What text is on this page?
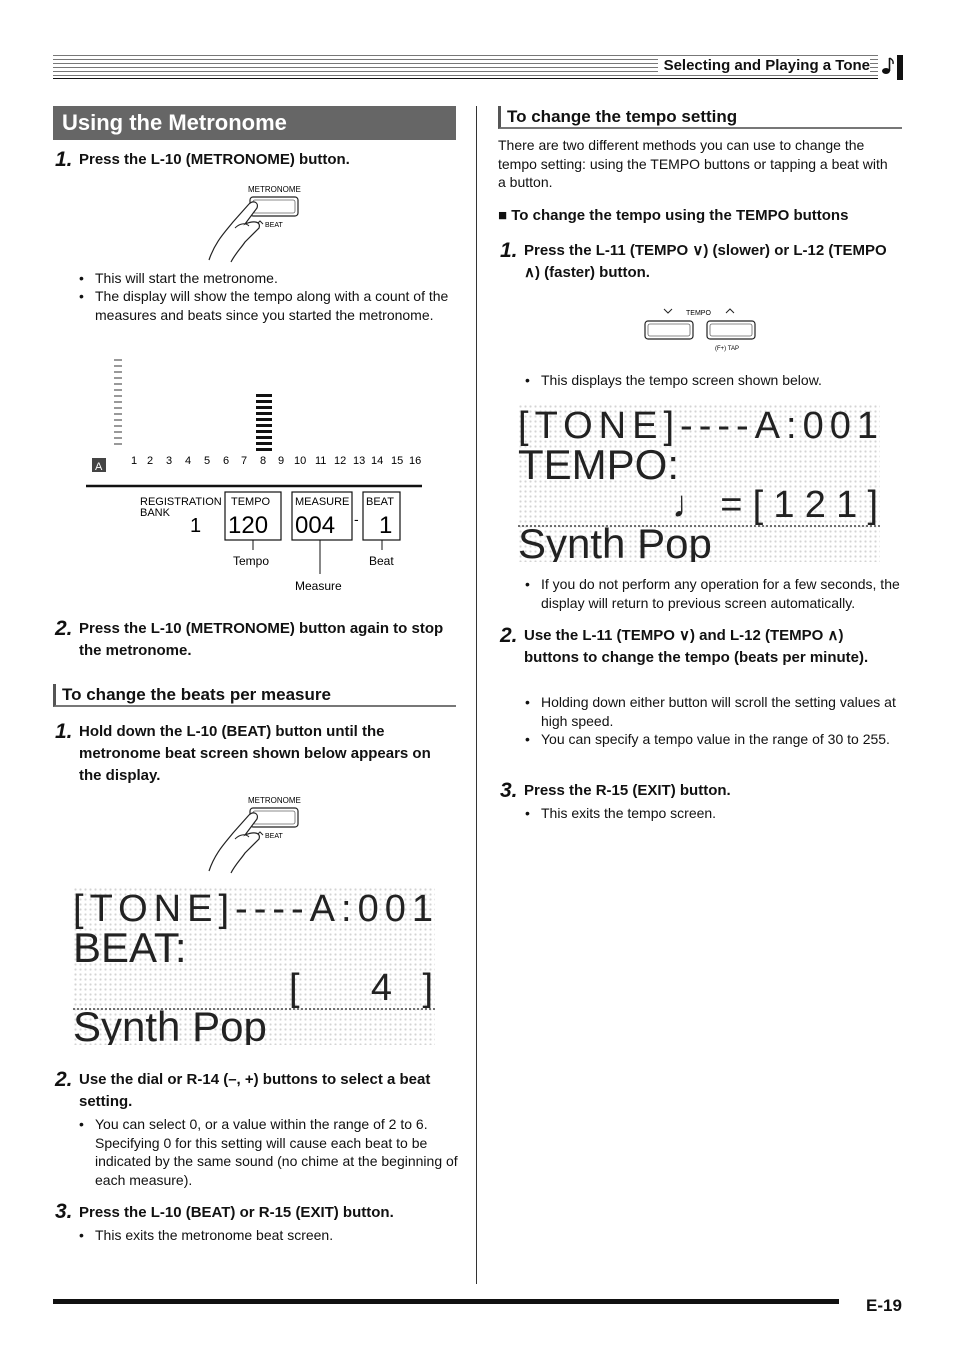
Selecting and Playing a Tone
Using the Metronome
1. Press the L-10 (METRONOME) button.
METRONOME
BEAT
• This will start the metronome.
• The display will show the tempo along with a count of the measures and beats since you started the metronome.
A	1 2 3 4 5 6 7 8 9 10 11 12 13 14 15 16
REGISTRATION
BANK
1
TEMPO
120
MEASURE
004 -
BEAT
1
Tempo
Measure
Beat
2. Press the L-10 (METRONOME) button again to stop the metronome.
To change the beats per measure
1. Hold down the L-10 (BEAT) button until the metronome beat screen shown below appears on the display.
METRONOME
BEAT
[TONE]----A:001
BEAT:
[ 4]
Synth Pop
2. Use the dial or R-14 (–, +) buttons to select a beat setting.
• You can select 0, or a value within the range of 2 to 6. Specifying 0 for this setting will cause each beat to be indicated by the same sound (no chime at the beginning of each measure).
3. Press the L-10 (BEAT) or R-15 (EXIT) button.
• This exits the metronome beat screen.
To change the tempo setting
There are two different methods you can use to change the tempo setting: using the TEMPO buttons or tapping a beat with a button.
■ To change the tempo using the TEMPO buttons
1. Press the L-11 (TEMPO ∨) (slower) or L-12 (TEMPO ∧) (faster) button.
TEMPO
(F+) TAP
• This displays the tempo screen shown below.
[TONE]----A:001
TEMPO:
♩=[121]
Synth Pop
• If you do not perform any operation for a few seconds, the display will return to previous screen automatically.
2. Use the L-11 (TEMPO ∨) and L-12 (TEMPO ∧) buttons to change the tempo (beats per minute).
• Holding down either button will scroll the setting values at high speed.
• You can specify a tempo value in the range of 30 to 255.
3. Press the R-15 (EXIT) button.
• This exits the tempo screen.
E-19
